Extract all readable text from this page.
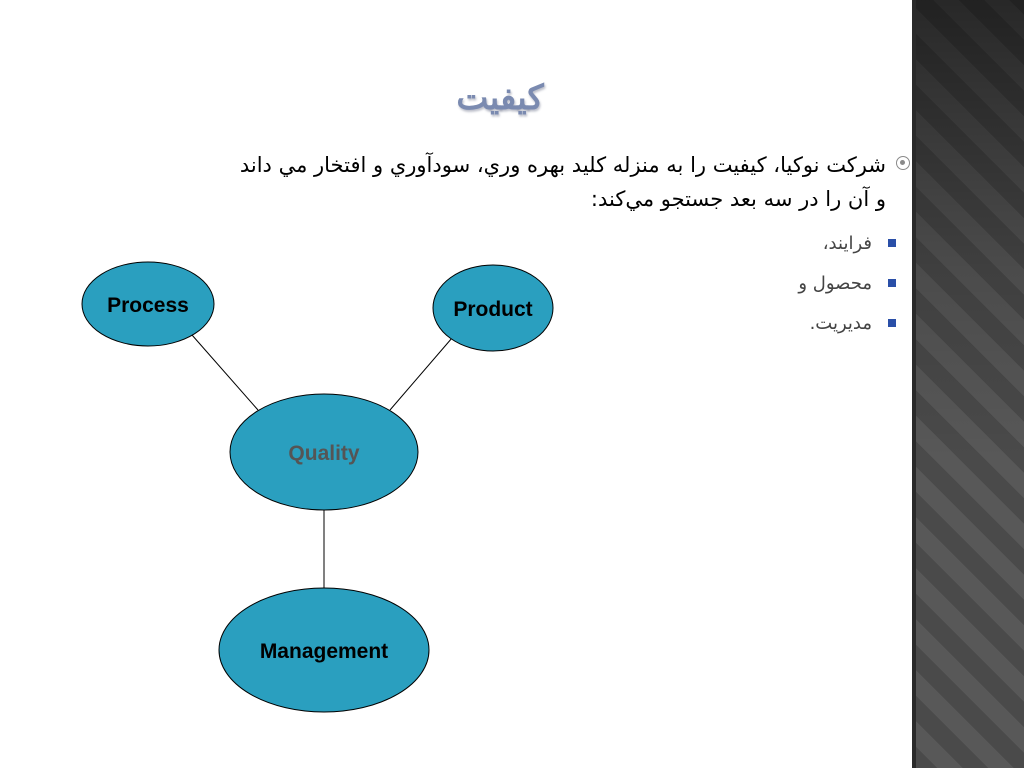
كيفيت

شركت نوكيا، كيفيت را به منزله كليد بهره وري، سودآوري و افتخار مي داند
و آن را در سه بعد جستجو مي‌كند:

فرايند،
محصول و
مديريت.
Process	Product
Quality
Management
